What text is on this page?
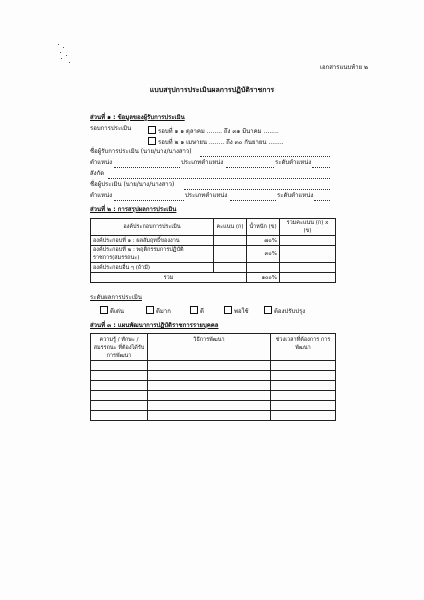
เอกสารแนบท้าย ๒
แบบสรุปการประเมินผลการปฏิบัติราชการ
ส่วนที่ ๑ : ข้อมูลของผู้รับการประเมิน
รอบการประเมิน	รอบที่ ๑ ๑ ตุลาคม ........ ถึง ๓๑ มีนาคม ........
รอบที่ ๒ ๑ เมษายน ........ ถึง ๓๐ กันยายน ........
ชื่อผู้รับการประเมิน (นาย/นาง/นางสาว)
ตำแหน่ง	ประเภทตำแหน่ง	ระดับตำแหน่ง
สังกัด
ชื่อผู้ประเมิน (นาย/นาง/นางสาว)
ตำแหน่ง	ประเภทตำแหน่ง	ระดับตำแหน่ง
ส่วนที่ ๒ : การสรุปผลการประเมิน
องค์ประกอบการประเมิน	คะแนน (ก)	น้ำหนัก (ข)	รวมคะแนน (ก) x (ข)
องค์ประกอบที่ ๑ : ผลสัมฤทธิ์ของงาน		๗๐%	
องค์ประกอบที่ ๒ : พฤติกรรมการปฏิบัติราชการ(สมรรถนะ)		๓๐%	
องค์ประกอบอื่น ๆ (ถ้ามี)			
รวม		๑๐๐%	
ระดับผลการประเมิน
ดีเด่น	ดีมาก	ดี	พอใช้	ต้องปรับปรุง
ส่วนที่ ๓ : แผนพัฒนาการปฏิบัติราชการรายบุคคล
ความรู้ / ทักษะ / สมรรถนะ ที่ต้องได้รับการพัฒนา	วิธีการพัฒนา	ช่วงเวลาที่ต้องการ การพัฒนา
